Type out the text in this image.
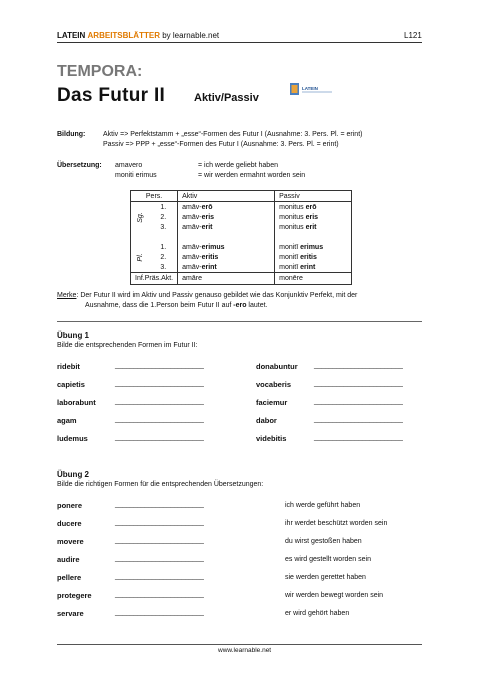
LATEIN ARBEITSBLÄTTER by learnable.net	L121
TEMPORA:
Das Futur II	Aktiv/Passiv
LATEIN
Bildung:	Aktiv => Perfektstamm + „esse“-Formen des Futur I (Ausnahme: 3. Pers. Pl. = erint)
Passiv => PPP + „esse“-Formen des Futur I (Ausnahme: 3. Pers. Pl. = erint)
Übersetzung: amavero	= ich werde geliebt haben
moniti erimus	= wir werden ermahnt worden sein
Pers.		Aktiv	Passiv

Sg.	1.	amāv-erō	monitus erō
	2.	amāv-eris	monitus eris
	3.	amāv-erit	monitus erit

Pl.	1.	amāv-erimus	monitī erimus
	2.	amāv-eritis	monitī eritis
	3.	amāv-erint	monitī erint
Inf.Präs.Akt.		amāre	monēre
Merke: Der Futur II wird im Aktiv und Passiv genauso gebildet wie das Konjunktiv Perfekt, mit der
Ausnahme, dass die 1.Person beim Futur II auf -ero lautet.
Übung 1
Bilde die entsprechenden Formen im Futur II:
ridebit	________________________	donabuntur ________________________
capietis	________________________	vocaberis	________________________
laborabunt	________________________	faciemur	________________________
agam	________________________	dabor	________________________
ludemus	________________________	videbitis	________________________
Übung 2
Bilde die richtigen Formen für die entsprechenden Übersetzungen:
ponere	________________________	ich werde geführt haben
ducere	________________________	ihr werdet beschützt worden sein
movere	________________________	du wirst gestoßen haben
audire	________________________	es wird gestellt worden sein
pellere	________________________	sie werden gerettet haben
protegere	________________________	wir werden bewegt worden sein
servare	________________________	er wird gehört haben
www.learnable.net
